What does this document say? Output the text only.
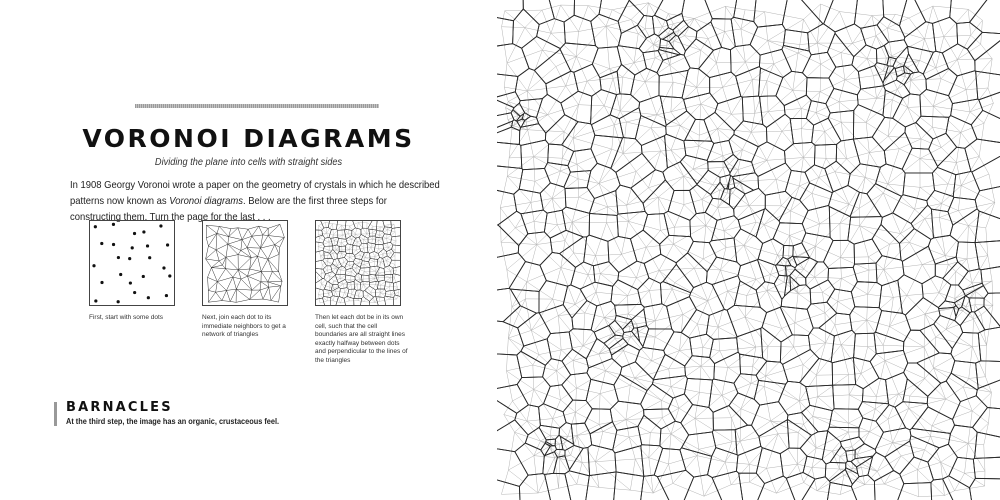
VORONOI DIAGRAMS
Dividing the plane into cells with straight sides

In 1908 Georgy Voronoi wrote a paper on the geometry of crystals in which he described patterns now known as Voronoi diagrams. Below are the first three steps for constructing them. Turn the page for the last . . .

First, start with some dots	Next, join each dot to its immediate neighbors to get a network of triangles
Then let each dot be in its own cell, such that the cell boundaries are all straight lines exactly halfway between dots and perpendicular to the lines of the triangles
BARNACLES
At the third step, the image has an organic, crustaceous feel.
